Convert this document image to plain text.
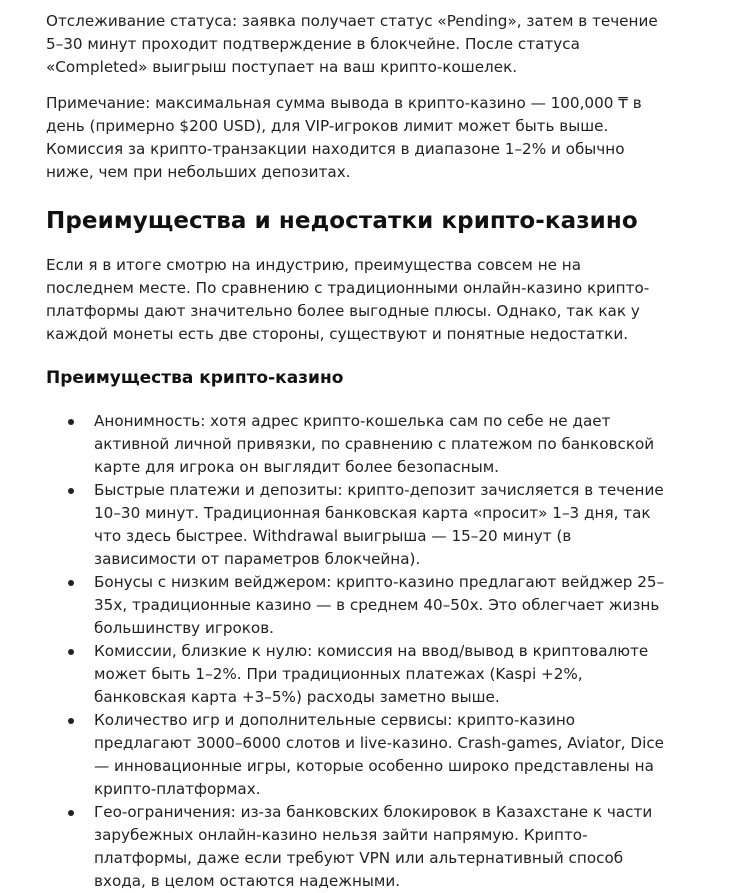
Отслеживание статуса: заявка получает статус «Pending», затем в течение 5–30 минут проходит подтверждение в блокчейне. После статуса «Completed» выигрыш поступает на ваш крипто-кошелек.

Примечание: максимальная сумма вывода в крипто-казино — 100,000 ₸ в день (примерно $200 USD), для VIP-игроков лимит может быть выше. Комиссия за крипто-транзакции находится в диапазоне 1–2% и обычно ниже, чем при небольших депозитах.

Преимущества и недостатки крипто-казино

Если я в итоге смотрю на индустрию, преимущества совсем не на последнем месте. По сравнению с традиционными онлайн-казино крипто-платформы дают значительно более выгодные плюсы. Однако, так как у каждой монеты есть две стороны, существуют и понятные недостатки.

Преимущества крипто-казино
Анонимность: хотя адрес крипто-кошелька сам по себе не дает активной личной привязки, по сравнению с платежом по банковской карте для игрока он выглядит более безопасным.
Быстрые платежи и депозиты: крипто-депозит зачисляется в течение 10–30 минут. Традиционная банковская карта «просит» 1–3 дня, так что здесь быстрее. Withdrawal выигрыша — 15–20 минут (в зависимости от параметров блокчейна).
Бонусы с низким вейджером: крипто-казино предлагают вейджер 25–35x, традиционные казино — в среднем 40–50x. Это облегчает жизнь большинству игроков.
Комиссии, близкие к нулю: комиссия на ввод/вывод в криптовалюте может быть 1–2%. При традиционных платежах (Kaspi +2%, банковская карта +3–5%) расходы заметно выше.
Количество игр и дополнительные сервисы: крипто-казино предлагают 3000–6000 слотов и live-казино. Crash-games, Aviator, Dice — инновационные игры, которые особенно широко представлены на крипто-платформах.
Гео-ограничения: из-за банковских блокировок в Казахстане к части зарубежных онлайн-казино нельзя зайти напрямую. Крипто-платформы, даже если требуют VPN или альтернативный способ входа, в целом остаются надежными.
